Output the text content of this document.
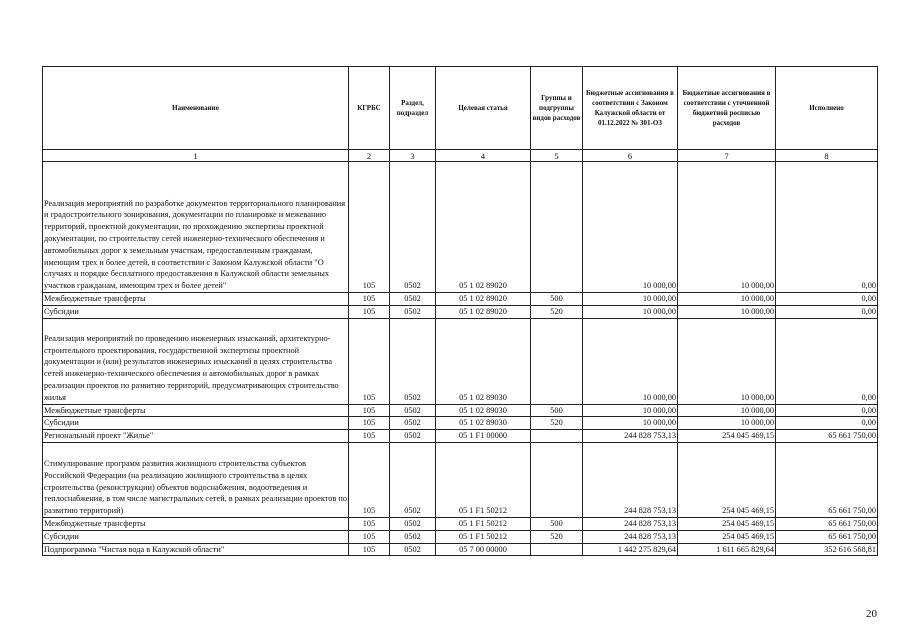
Наименование	КГРБС	Раздел, подраздел	Целевая статья	Группы и подгруппы видов расходов	Бюджетные ассигнования в соответствии с Законом Калужской области от 01.12.2022 № 301-ОЗ	Бюджетные ассигнования в соответствии с уточненной бюджетной росписью расходов	Исполнено
1	2	3	4	5	6	7	8
Реализация мероприятий по разработке документов территориального планирования и градостроительного зонирования, документации по планировке и межеванию территорий, проектной документации, по прохождению экспертизы проектной документации, по строительству сетей инженерно-технического обеспечения и автомобильных дорог к земельным участкам, предоставленным гражданам, имеющим трех и более детей, в соответствии с Законом Калужской области "О случаях и порядке бесплатного предоставления в Калужской области земельных участков гражданам, имеющим трех и более детей"	105	0502	05 1 02 89020		10 000,00	10 000,00	0,00
Межбюджетные трансферты	105	0502	05 1 02 89020	500	10 000,00	10 000,00	0,00
Субсидии	105	0502	05 1 02 89020	520	10 000,00	10 000,00	0,00
Реализация мероприятий по проведению инженерных изысканий, архитектурно-строительного проектирования, государственной экспертизы проектной документации и (или) результатов инженерных изысканий в целях строительства сетей инженерно-технического обеспечения и автомобильных дорог в рамках реализации проектов по развитию территорий, предусматривающих строительство жилья	105	0502	05 1 02 89030		10 000,00	10 000,00	0,00
Межбюджетные трансферты	105	0502	05 1 02 89030	500	10 000,00	10 000,00	0,00
Субсидии	105	0502	05 1 02 89030	520	10 000,00	10 000,00	0,00
Региональный проект "Жилье"	105	0502	05 1 F1 00000		244 828 753,13	254 045 469,15	65 661 750,00
Стимулирование программ развития жилищного строительства субъектов Российской Федерации (на реализацию жилищного строительства в целях строительства (реконструкции) объектов водоснабжения, водоотведения и теплоснабжения, в том числе магистральных сетей, в рамках реализации проектов по развитию территорий)	105	0502	05 1 F1 50212		244 828 753,13	254 045 469,15	65 661 750,00
Межбюджетные трансферты	105	0502	05 1 F1 50212	500	244 828 753,13	254 045 469,15	65 661 750,00
Субсидии	105	0502	05 1 F1 50212	520	244 828 753,13	254 045 469,15	65 661 750,00
Подпрограмма "Чистая вода в Калужской области"	105	0502	05 7 00 00000		1 442 275 829,64	1 611 665 829,64	352 616 568,81
20
